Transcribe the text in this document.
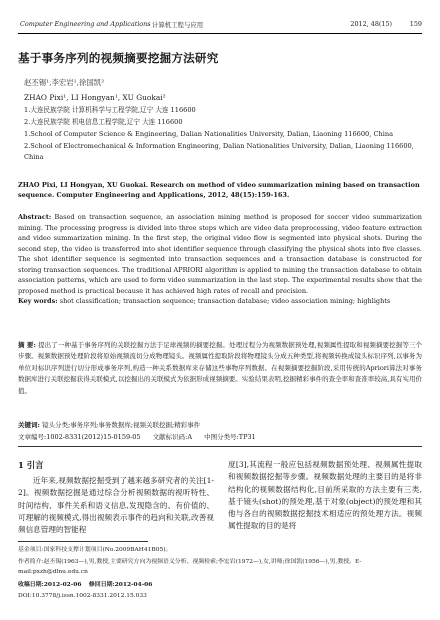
Computer Engineering and Applications 计算机工程与应用	2012, 48(15)	159
基于事务序列的视频摘要挖掘方法研究
赵丕锡¹,李宏岩¹,徐国凯²
ZHAO Pixi¹, LI Hongyan¹, XU Guokai²
1.大连民族学院 计算机科学与工程学院,辽宁 大连 116600
2.大连民族学院 机电信息工程学院,辽宁 大连 116600
1.School of Computer Science & Engineering, Dalian Nationalities University, Dalian, Liaoning 116600, China
2.School of Electromechanical & Information Engineering, Dalian Nationalities University, Dalian, Liaoning 116600, China
ZHAO Pixi, LI Hongyan, XU Guokai. Research on method of video summarization mining based on transaction sequence. Computer Engineering and Applications, 2012, 48(15):159-163.
Abstract: Based on transaction sequence, an association mining method is proposed for soccer video summarization mining. The processing progress is divided into three steps which are video data preprocessing, video feature extraction and video summarization mining. In the first step, the original video flow is segmented into physical shots. During the second step, the video is transferred into shot identifier sequence through classifying the physical shots into five classes. The shot identifier sequence is segmented into transaction sequences and a transaction database is constructed for storing transaction sequences. The traditional APRIORI algorithm is applied to mining the transaction database to obtain association patterns, which are used to form video summarization in the last step. The experimental results show that the proposed method is practical because it has achieved high rates of recall and precision.
Key words: shot classification; transaction sequence; transaction database; video association mining; highlights
摘 要: 提出了一种基于事务序列的关联挖掘方法于足球视频的摘要挖掘。处理过程分为视频数据预处理,视频属性提取和视频摘要挖掘等三个步骤。视频数据预处理阶段将原始视频流切分成物理镜头。视频属性提取阶段将物理镜头分成五种类型,将视频转换成镜头标识序列,以事务为单位对标识序列进行切分形成事务序列,构造一种关系数据库来存储这些事物序列数据。在视频摘要挖掘阶段,采用传统的Apriori算法对事务数据库进行关联挖掘获得关联模式,以挖掘出的关联模式为依据形成视频摘要。实验结果表明,挖掘精彩事件的查全率和查准率较高,具有实用价值。
关键词: 镜头分类;事务序列;事务数据库;视频关联挖掘;精彩事件
文章编号:1002-8331(2012)15-0159-05 文献标识码:A 中图分类号:TP31
1 引言
近年来,视频数据挖掘受到了越来越多研究者的关注[1-2]。视频数据挖掘是通过综合分析视频数据的视听特性、时间结构、事件关系和语义信息,发现隐含的、有价值的、可理解的视频模式,得出视频表示事件的趋向和关联,改善视频信息管理的智能程
度[3],其流程一般应包括视频数据预处理、视频属性提取和视频数据挖掘等步骤。视频数据处理的主要目的是将非结构化的视频数据结构化,目前所采取的方法主要有三类,基于镜头(shot)的预处理,基于对象(object)的预处理和其他与各自的视频数据挖掘技术相适应的预处理方法。视频属性提取的目的是将
基金项目:国家科技支撑计划项目(No.2009BAH41B05)。
作者简介:赵丕锡(1963—),男,教授,主要研究方向为视频语义分析、视频检索;李宏岩(1972—),女,讲师;徐国凯(1956—),男,教授。E-mail:pxzh@dlnu.edu.cn
收稿日期:2012-02-06 修回日期:2012-04-06
DOI:10.3778/j.issn.1002-8331.2012.15.033
